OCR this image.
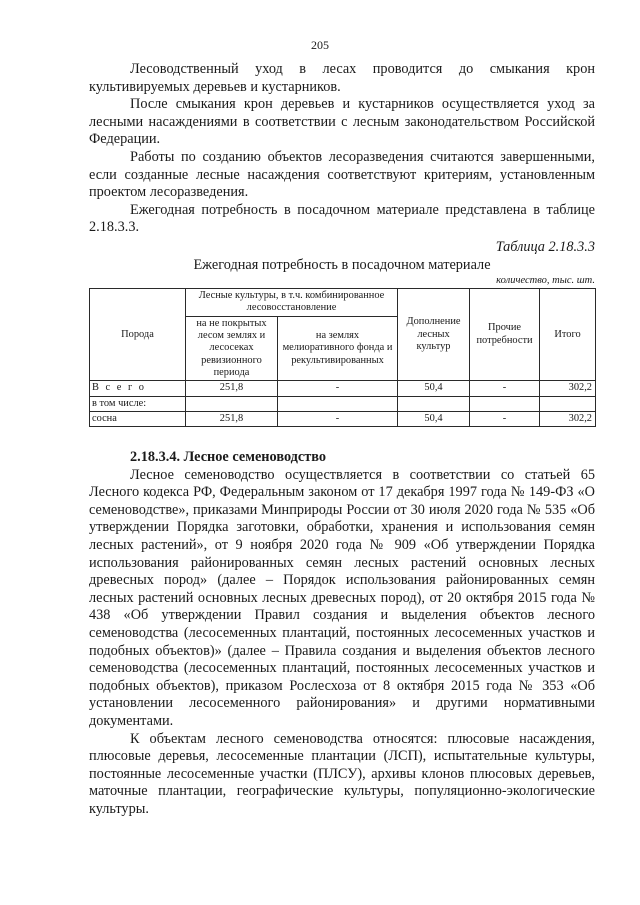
205

Лесоводственный уход в лесах проводится до смыкания крон культивируемых деревьев и кустарников.

После смыкания крон деревьев и кустарников осуществляется уход за лесными насаждениями в соответствии с лесным законодательством Российской Федерации.

Работы по созданию объектов лесоразведения считаются завершенными, если созданные лесные насаждения соответствуют критериям, установленным проектом лесоразведения.

Ежегодная потребность в посадочном материале представлена в таблице 2.18.3.3.

Таблица 2.18.3.3
Ежегодная потребность в посадочном материале
количество, тыс. шт.
Порода	Лесные культуры, в т.ч. комбинированное лесовосстановление		Дополнение лесных культур	Прочие потребности	Итого
	на не покрытых лесом землях и лесосеках ревизионного периода	на землях мелиоративного фонда и рекультивированных			
В с е г о	251,8	-	50,4	-	302,2
в том числе:					
сосна	251,8	-	50,4	-	302,2
2.18.3.4. Лесное семеноводство

Лесное семеноводство осуществляется в соответствии со статьей 65 Лесного кодекса РФ, Федеральным законом от 17 декабря 1997 года № 149-ФЗ «О семеноводстве», приказами Минприроды России от 30 июля 2020 года № 535 «Об утверждении Порядка заготовки, обработки, хранения и использования семян лесных растений», от 9 ноября 2020 года № 909 «Об утверждении Порядка использования районированных семян лесных растений основных лесных древесных пород» (далее – Порядок использования районированных семян лесных растений основных лесных древесных пород), от 20 октября 2015 года № 438 «Об утверждении Правил создания и выделения объектов лесного семеноводства (лесосеменных плантаций, постоянных лесосеменных участков и подобных объектов)» (далее – Правила создания и выделения объектов лесного семеноводства (лесосеменных плантаций, постоянных лесосеменных участков и подобных объектов), приказом Рослесхоза от 8 октября 2015 года № 353 «Об установлении лесосеменного районирования» и другими нормативными документами.

К объектам лесного семеноводства относятся: плюсовые насаждения, плюсовые деревья, лесосеменные плантации (ЛСП), испытательные культуры, постоянные лесосеменные участки (ПЛСУ), архивы клонов плюсовых деревьев, маточные плантации, географические культуры, популяционно-экологические культуры.
